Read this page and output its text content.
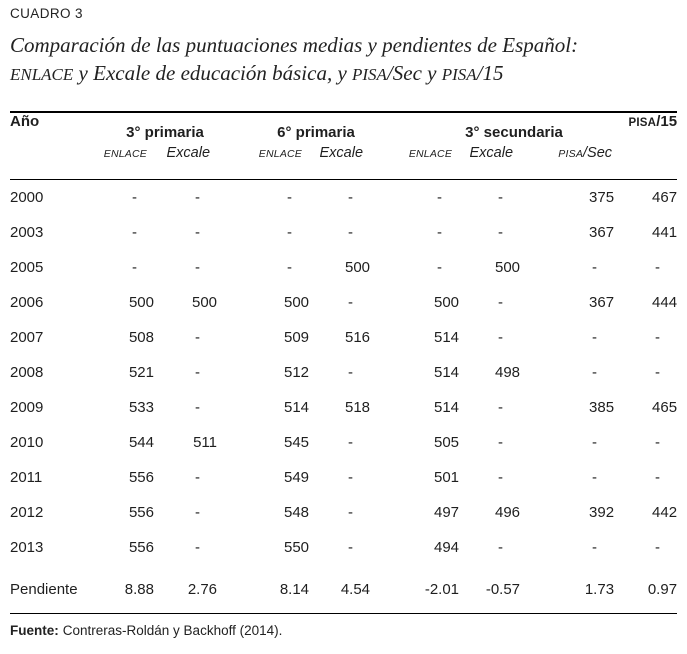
CUADRO 3
Comparación de las puntuaciones medias y pendientes de Español:
ENLACE y Excale de educación básica, y PISA/Sec y PISA/15
Año	3° primaria		6° primaria		3° secundaria			PISA/15
	ENLACE	Excale	ENLACE	Excale	ENLACE	Excale	PISA/Sec	
2000	-	-	-	-	-	-	375	467
2003	-	-	-	-	-	-	367	441
2005	-	-	-	500	-	500	-	-
2006	500	500	500	-	500	-	367	444
2007	508	-	509	516	514	-	-	-
2008	521	-	512	-	514	498	-	-
2009	533	-	514	518	514	-	385	465
2010	544	511	545	-	505	-	-	-
2011	556	-	549	-	501	-	-	-
2012	556	-	548	-	497	496	392	442
2013	556	-	550	-	494	-	-	-
Pendiente	8.88	2.76	8.14	4.54	-2.01	-0.57	1.73	0.97
Fuente: Contreras-Roldán y Backhoff (2014).
